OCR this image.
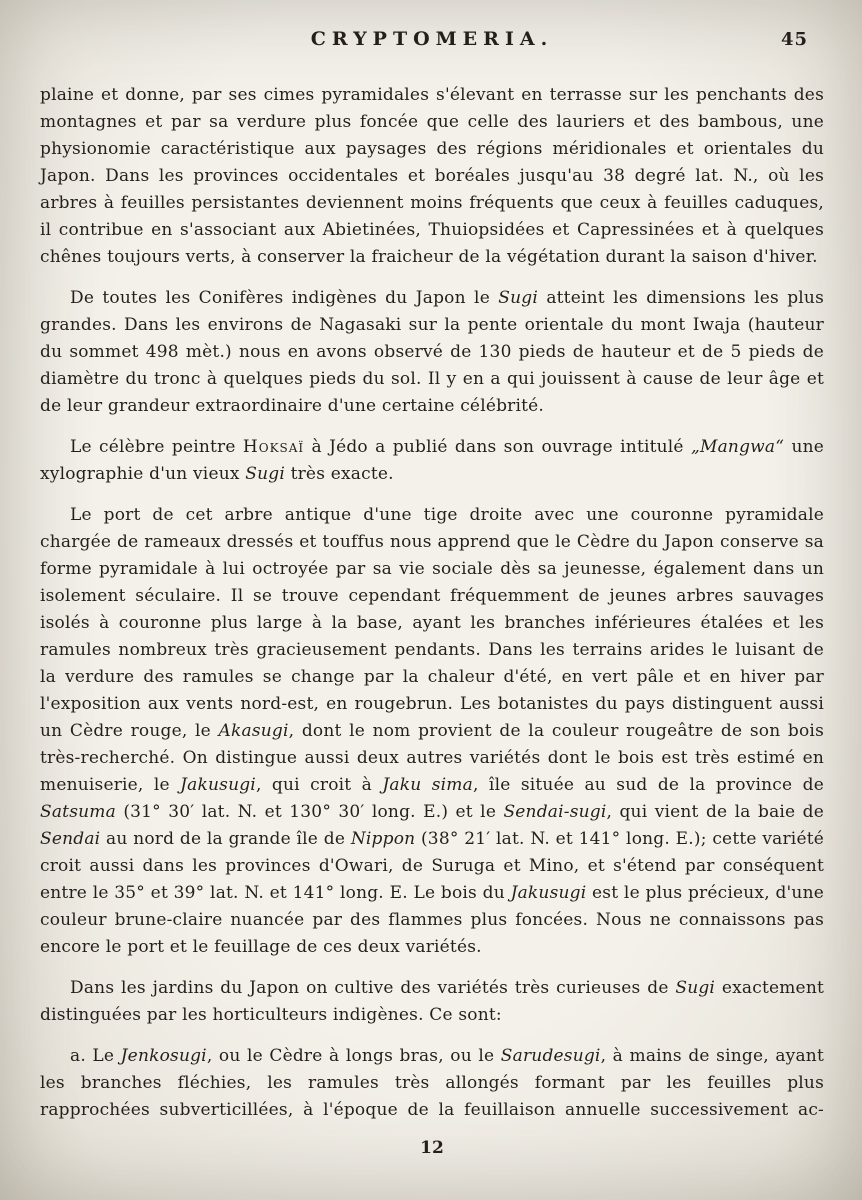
CRYPTOMERIA.	45

plaine et donne, par ses cimes pyramidales s'élevant en terrasse sur les penchants des montagnes et par sa verdure plus foncée que celle des lauriers et des bambous, une physionomie caractéristique aux paysages des régions méridionales et orientales du Japon. Dans les provinces occidentales et boréales jusqu'au 38 degré lat. N., où les arbres à feuilles persistantes deviennent moins fréquents que ceux à feuilles caduques, il contribue en s'associant aux Abietinées, Thuiopsidées et Capressinées et à quelques chênes toujours verts, à conserver la fraicheur de la végétation durant la saison d'hiver.

De toutes les Conifères indigènes du Japon le Sugi atteint les dimensions les plus grandes. Dans les environs de Nagasaki sur la pente orientale du mont Iwaja (hauteur du sommet 498 mèt.) nous en avons observé de 130 pieds de hauteur et de 5 pieds de diamètre du tronc à quelques pieds du sol. Il y en a qui jouissent à cause de leur âge et de leur grandeur extraordinaire d'une certaine célébrité.

Le célèbre peintre Hoksaï à Jédo a publié dans son ouvrage intitulé „Mangwa“ une xylographie d'un vieux Sugi très exacte.

Le port de cet arbre antique d'une tige droite avec une couronne pyramidale chargée de rameaux dressés et touffus nous apprend que le Cèdre du Japon conserve sa forme pyramidale à lui octroyée par sa vie sociale dès sa jeunesse, également dans un isolement séculaire. Il se trouve cependant fréquemment de jeunes arbres sauvages isolés à couronne plus large à la base, ayant les branches inférieures étalées et les ramules nombreux très gracieusement pendants. Dans les terrains arides le luisant de la verdure des ramules se change par la chaleur d'été, en vert pâle et en hiver par l'exposition aux vents nord-est, en rougebrun. Les botanistes du pays distinguent aussi un Cèdre rouge, le Akasugi, dont le nom provient de la couleur rougeâtre de son bois très-recherché. On distingue aussi deux autres variétés dont le bois est très estimé en menuiserie, le Jakusugi, qui croit à Jaku sima, île située au sud de la province de Satsuma (31° 30′ lat. N. et 130° 30′ long. E.) et le Sendai-sugi, qui vient de la baie de Sendai au nord de la grande île de Nippon (38° 21′ lat. N. et 141° long. E.); cette variété croit aussi dans les provinces d'Owari, de Suruga et Mino, et s'étend par conséquent entre le 35° et 39° lat. N. et 141° long. E. Le bois du Jakusugi est le plus précieux, d'une couleur brune-claire nuancée par des flammes plus foncées. Nous ne connaissons pas encore le port et le feuillage de ces deux variétés.

Dans les jardins du Japon on cultive des variétés très curieuses de Sugi exactement distinguées par les horticulteurs indigènes. Ce sont:

a. Le Jenkosugi, ou le Cèdre à longs bras, ou le Sarudesugi, à mains de singe, ayant les branches fléchies, les ramules très allongés formant par les feuilles plus rapprochées subverticillées, à l'époque de la feuillaison annuelle successivement ac-

12
